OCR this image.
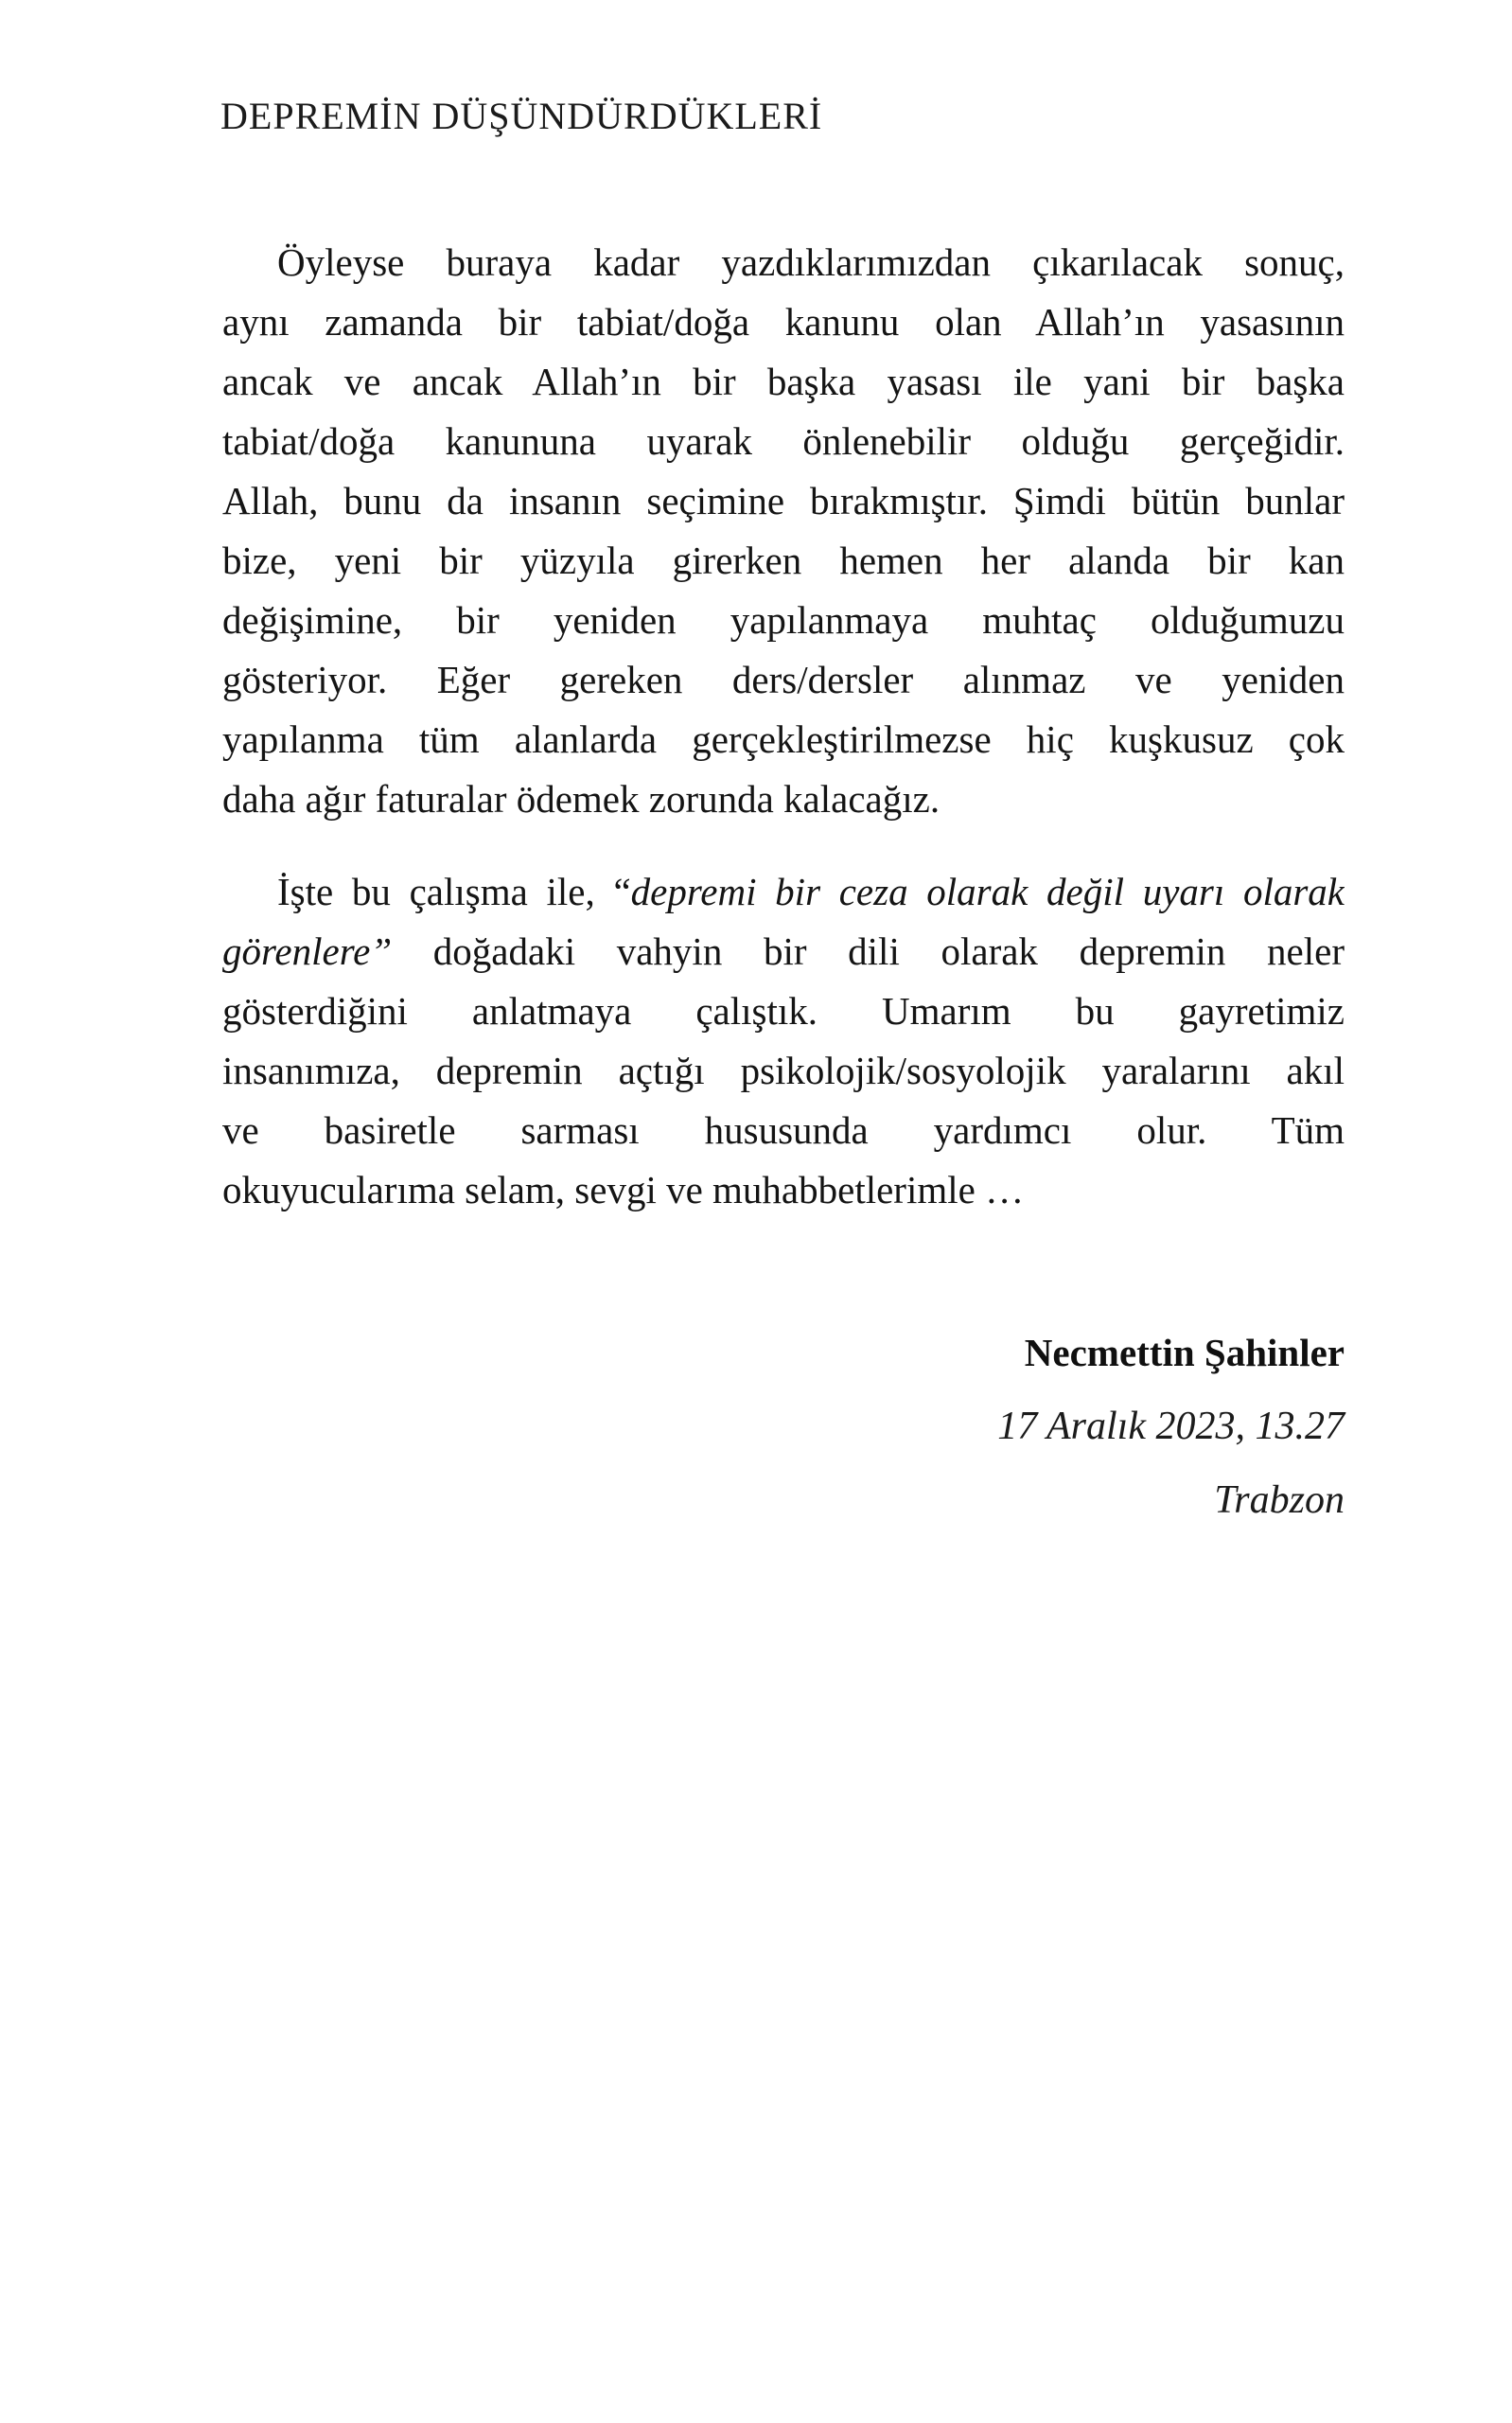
DEPREMİN DÜŞÜNDÜRDÜKLERİ
Öyleyse buraya kadar yazdıklarımızdan çıkarılacak sonuç,
aynı zamanda bir tabiat/doğa kanunu olan Allah’ın yasasının
ancak ve ancak Allah’ın bir başka yasası ile yani bir başka
tabiat/doğa kanununa uyarak önlenebilir olduğu gerçeğidir.
Allah, bunu da insanın seçimine bırakmıştır. Şimdi bütün bunlar
bize, yeni bir yüzyıla girerken hemen her alanda bir kan
değişimine, bir yeniden yapılanmaya muhtaç olduğumuzu
gösteriyor. Eğer gereken ders/dersler alınmaz ve yeniden
yapılanma tüm alanlarda gerçekleştirilmezse hiç kuşkusuz çok
daha ağır faturalar ödemek zorunda kalacağız.
İşte bu çalışma ile, “depremi bir ceza olarak değil uyarı olarak
görenlere” doğadaki vahyin bir dili olarak depremin neler
gösterdiğini anlatmaya çalıştık. Umarım bu gayretimiz
insanımıza, depremin açtığı psikolojik/sosyolojik yaralarını akıl
ve basiretle sarması hususunda yardımcı olur. Tüm
okuyucularıma selam, sevgi ve muhabbetlerimle …
Necmettin Şahinler
17 Aralık 2023, 13.27
Trabzon
